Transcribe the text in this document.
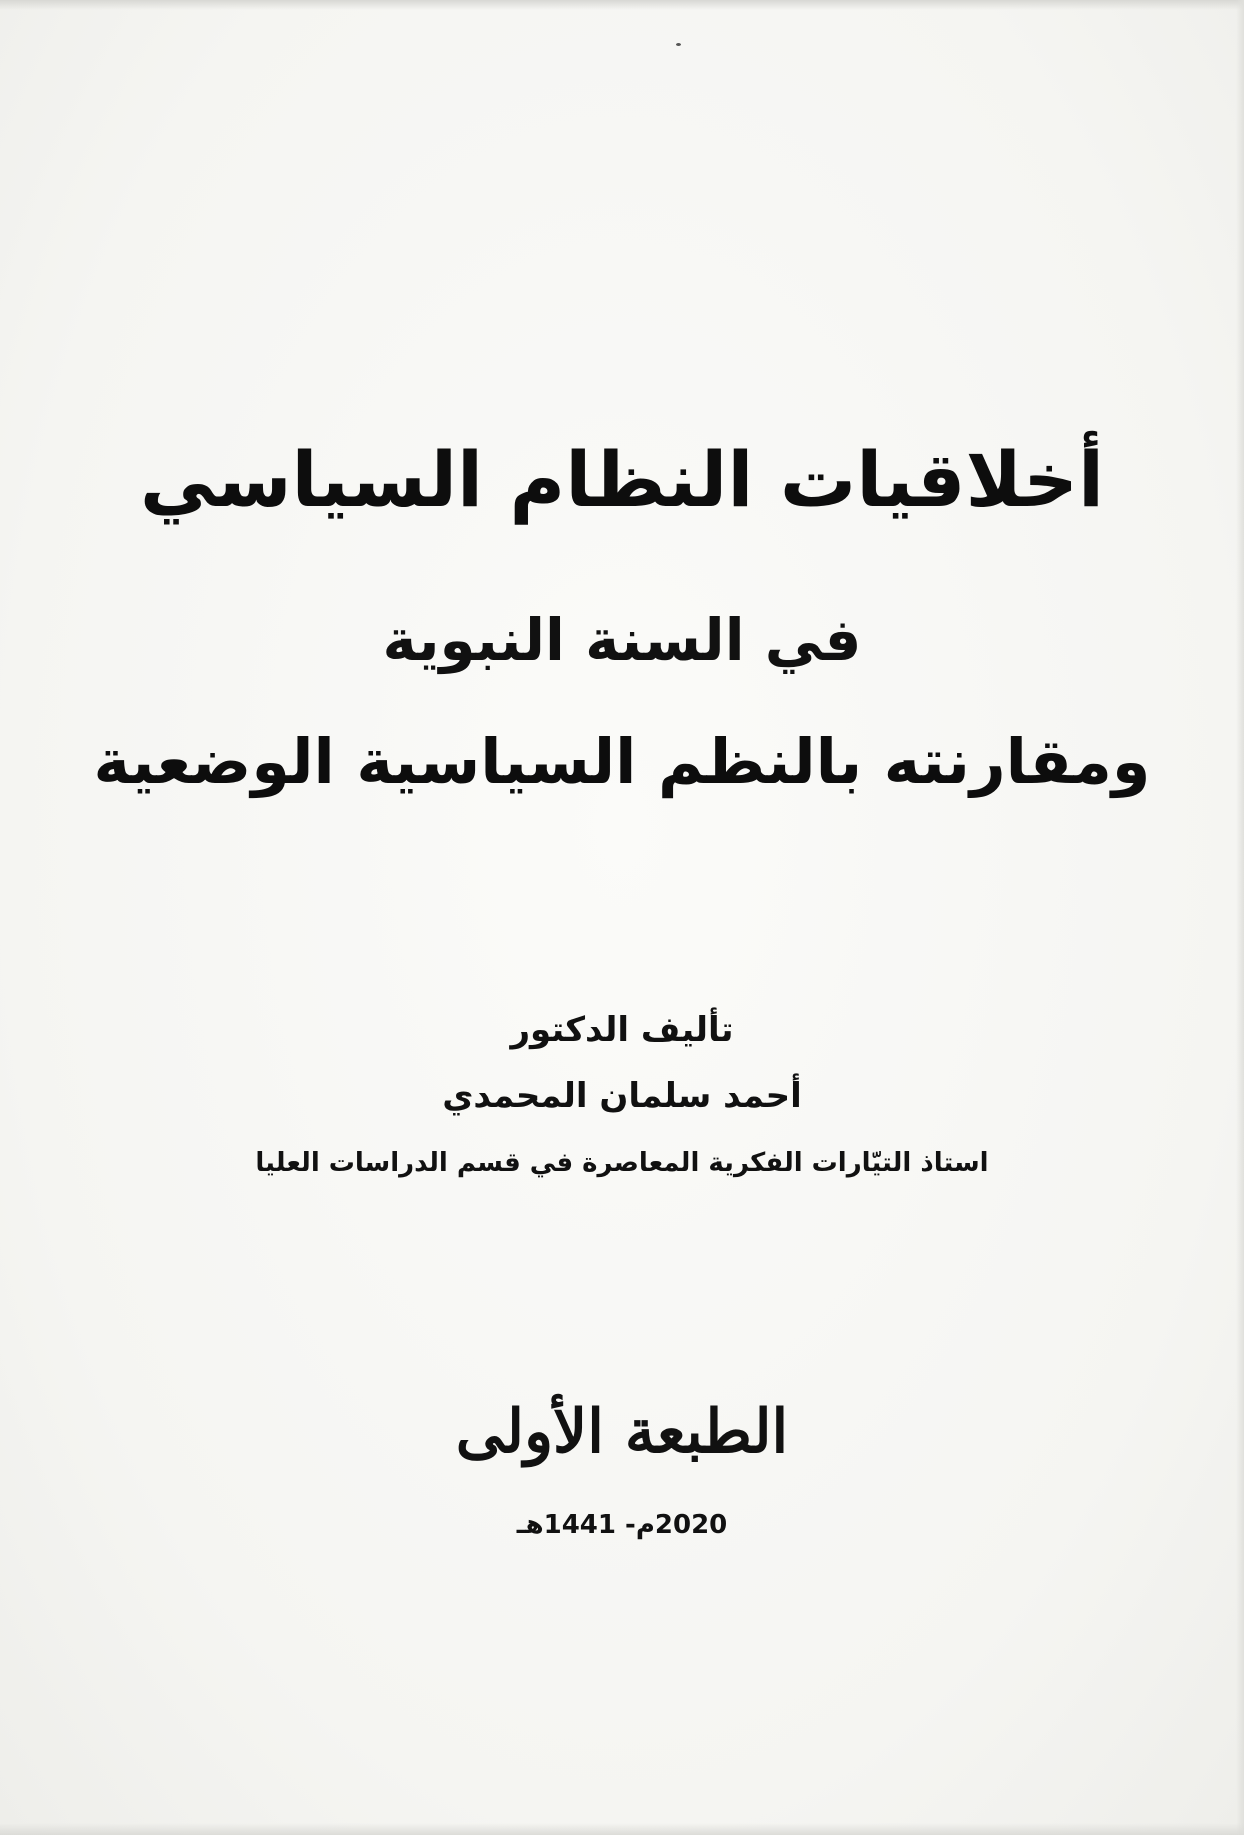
أخلاقيات النظام السياسي
في السنة النبوية
ومقارنته بالنظم السياسية الوضعية
تأليف الدكتور
أحمد سلمان المحمدي
استاذ التيّارات الفكرية المعاصرة في قسم الدراسات العليا
الطبعة الأولى
2020م- 1441هـ
